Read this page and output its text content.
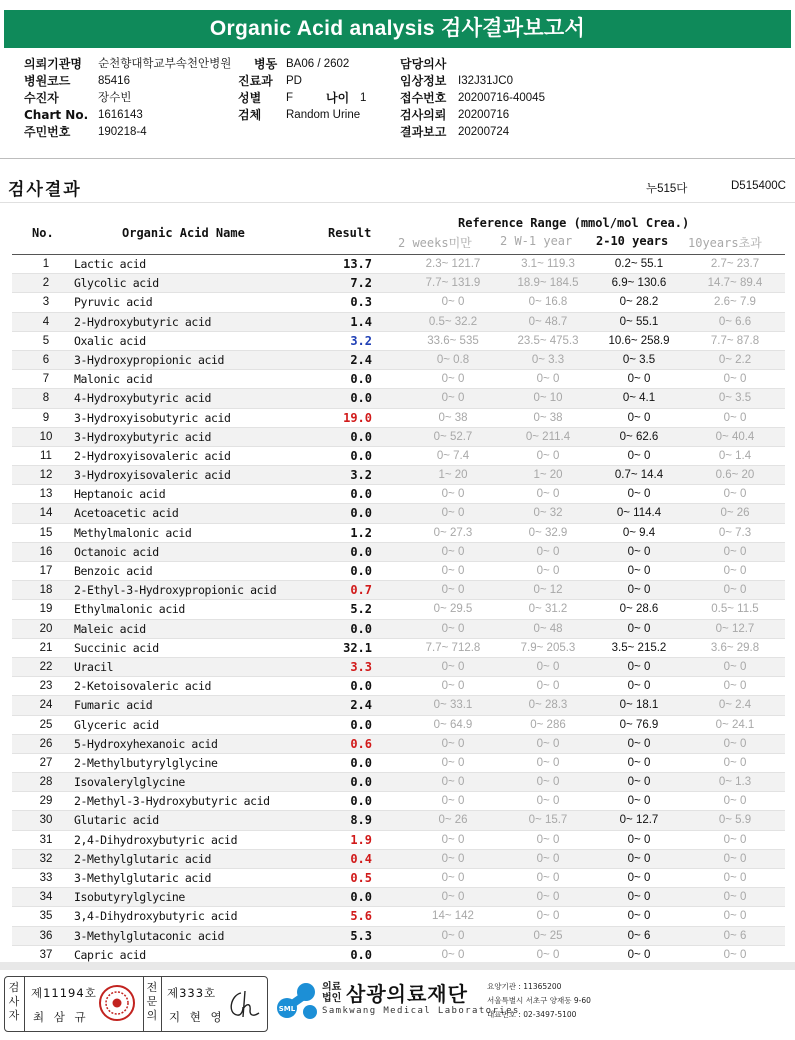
Organic Acid analysis 검사결과보고서
의뢰기관명 순천향대학교부속천안병원 병동 BA06 / 2602	담당의사
병원코드 85416	진료과 PD	임상정보 I32J31JC0
수진자	장수빈	성별 F	나이 1	접수번호 20200716-40045
Chart No. 1616143	검체 Random Urine	검사의뢰 20200716
주민번호 190218-4	결과보고 20200724
검사결과	누515다	D515400C
No.	Organic Acid Name	Result
Reference Range (mmol/mol Crea.)
2 weeks미만 2 W-1 year 2-10 years 10years초과
1	Lactic acid	13.7	2.3~ 121.7	3.1~ 119.3	0.2~ 55.1	2.7~ 23.7
2	Glycolic acid	7.2	7.7~ 131.9	18.9~ 184.5	6.9~ 130.6	14.7~ 89.4
3	Pyruvic acid	0.3	0~ 0	0~ 16.8	0~ 28.2	2.6~ 7.9
4	2-Hydroxybutyric acid	1.4	0.5~ 32.2	0~ 48.7	0~ 55.1	0~ 6.6
5	Oxalic acid	3.2	33.6~ 535	23.5~ 475.3	10.6~ 258.9	7.7~ 87.8
6	3-Hydroxypropionic acid	2.4	0~ 0.8	0~ 3.3	0~ 3.5	0~ 2.2
7	Malonic acid	0.0	0~ 0	0~ 0	0~ 0	0~ 0
8	4-Hydroxybutyric acid	0.0	0~ 0	0~ 10	0~ 4.1	0~ 3.5
9	3-Hydroxyisobutyric acid	19.0	0~ 38	0~ 38	0~ 0	0~ 0
10	3-Hydroxybutyric acid	0.0	0~ 52.7	0~ 211.4	0~ 62.6	0~ 40.4
11	2-Hydroxyisovaleric acid	0.0	0~ 7.4	0~ 0	0~ 0	0~ 1.4
12	3-Hydroxyisovaleric acid	3.2	1~ 20	1~ 20	0.7~ 14.4	0.6~ 20
13	Heptanoic acid	0.0	0~ 0	0~ 0	0~ 0	0~ 0
14	Acetoacetic acid	0.0	0~ 0	0~ 32	0~ 114.4	0~ 26
15	Methylmalonic acid	1.2	0~ 27.3	0~ 32.9	0~ 9.4	0~ 7.3
16	Octanoic acid	0.0	0~ 0	0~ 0	0~ 0	0~ 0
17	Benzoic acid	0.0	0~ 0	0~ 0	0~ 0	0~ 0
18	2-Ethyl-3-Hydroxypropionic acid	0.7	0~ 0	0~ 12	0~ 0	0~ 0
19	Ethylmalonic acid	5.2	0~ 29.5	0~ 31.2	0~ 28.6	0.5~ 11.5
20	Maleic acid	0.0	0~ 0	0~ 48	0~ 0	0~ 12.7
21	Succinic acid	32.1	7.7~ 712.8	7.9~ 205.3	3.5~ 215.2	3.6~ 29.8
22	Uracil	3.3	0~ 0	0~ 0	0~ 0	0~ 0
23	2-Ketoisovaleric acid	0.0	0~ 0	0~ 0	0~ 0	0~ 0
24	Fumaric acid	2.4	0~ 33.1	0~ 28.3	0~ 18.1	0~ 2.4
25	Glyceric acid	0.0	0~ 64.9	0~ 286	0~ 76.9	0~ 24.1
26	5-Hydroxyhexanoic acid	0.6	0~ 0	0~ 0	0~ 0	0~ 0
27	2-Methylbutyrylglycine	0.0	0~ 0	0~ 0	0~ 0	0~ 0
28	Isovalerylglycine	0.0	0~ 0	0~ 0	0~ 0	0~ 1.3
29	2-Methyl-3-Hydroxybutyric acid	0.0	0~ 0	0~ 0	0~ 0	0~ 0
30	Glutaric acid	8.9	0~ 26	0~ 15.7	0~ 12.7	0~ 5.9
31	2,4-Dihydroxybutyric acid	1.9	0~ 0	0~ 0	0~ 0	0~ 0
32	2-Methylglutaric acid	0.4	0~ 0	0~ 0	0~ 0	0~ 0
33	3-Methylglutaric acid	0.5	0~ 0	0~ 0	0~ 0	0~ 0
34	Isobutyrylglycine	0.0	0~ 0	0~ 0	0~ 0	0~ 0
35	3,4-Dihydroxybutyric acid	5.6	14~ 142	0~ 0	0~ 0	0~ 0
36	3-Methylglutaconic acid	5.3	0~ 0	0~ 25	0~ 6	0~ 6
37	Capric acid	0.0	0~ 0	0~ 0	0~ 0	0~ 0
검사자
제11194호
최 삼 규
전문의
제333호
지 현 영
SML
의료법인 삼광의료재단
Samkwang Medical Laboratories
요양기관 : 11365200
서울특별시 서초구 양재동 9-60
대표번호 : 02-3497-5100
